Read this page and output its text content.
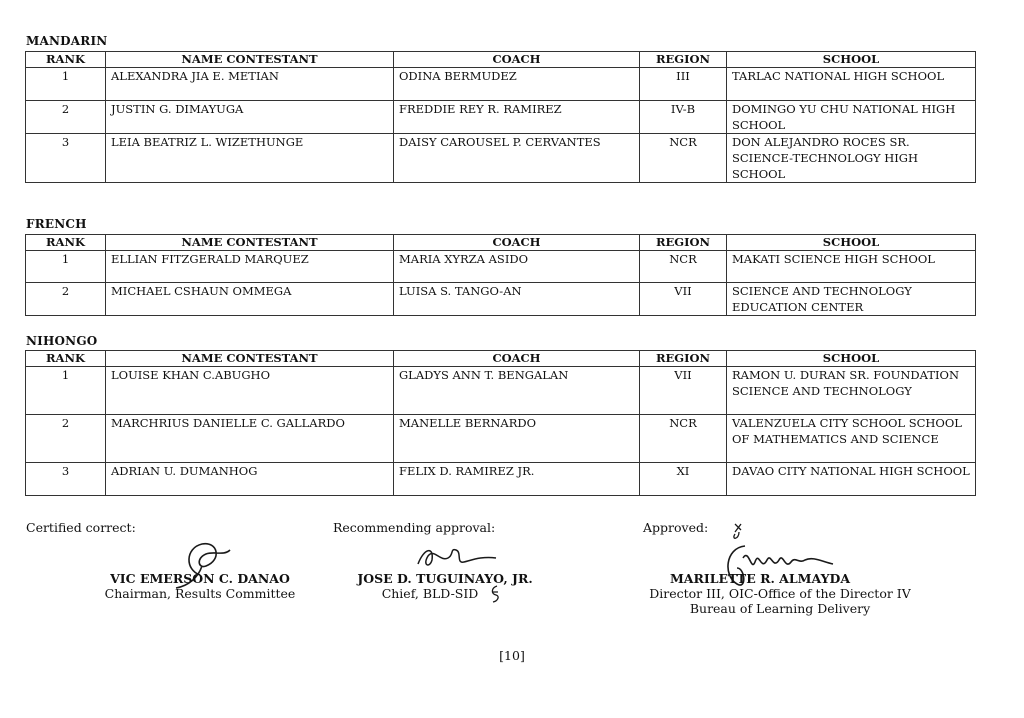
MANDARIN
RANK	NAME CONTESTANT	COACH	REGION	SCHOOL
1	ALEXANDRA JIA E. METIAN	ODINA BERMUDEZ	III	TARLAC NATIONAL HIGH SCHOOL
2	JUSTIN G. DIMAYUGA	FREDDIE REY R. RAMIREZ	IV-B	DOMINGO YU CHU NATIONAL HIGH SCHOOL
3	LEIA BEATRIZ L. WIZETHUNGE	DAISY CAROUSEL P. CERVANTES	NCR	DON ALEJANDRO ROCES SR. SCIENCE-TECHNOLOGY HIGH SCHOOL
FRENCH
RANK	NAME CONTESTANT	COACH	REGION	SCHOOL
1	ELLIAN FITZGERALD MARQUEZ	MARIA XYRZA ASIDO	NCR	MAKATI SCIENCE HIGH SCHOOL
2	MICHAEL CSHAUN OMMEGA	LUISA S. TANGO-AN	VII	SCIENCE AND TECHNOLOGY EDUCATION CENTER
NIHONGO
RANK	NAME CONTESTANT	COACH	REGION	SCHOOL
1	LOUISE KHAN C.ABUGHO	GLADYS ANN T. BENGALAN	VII	RAMON U. DURAN SR. FOUNDATION SCIENCE AND TECHNOLOGY
2	MARCHRIUS DANIELLE C. GALLARDO	MANELLE BERNARDO	NCR	VALENZUELA CITY SCHOOL SCHOOL OF MATHEMATICS AND SCIENCE
3	ADRIAN U. DUMANHOG	FELIX D. RAMIREZ JR.	XI	DAVAO CITY NATIONAL HIGH SCHOOL
Certified correct:
VIC EMERSON C. DANAO
Chairman, Results Committee
Recommending approval:
JOSE D. TUGUINAYO, JR.
Chief, BLD-SID
Approved:
MARILETTE R. ALMAYDA
Director III, OIC-Office of the Director IV
Bureau of Learning Delivery
[10]
